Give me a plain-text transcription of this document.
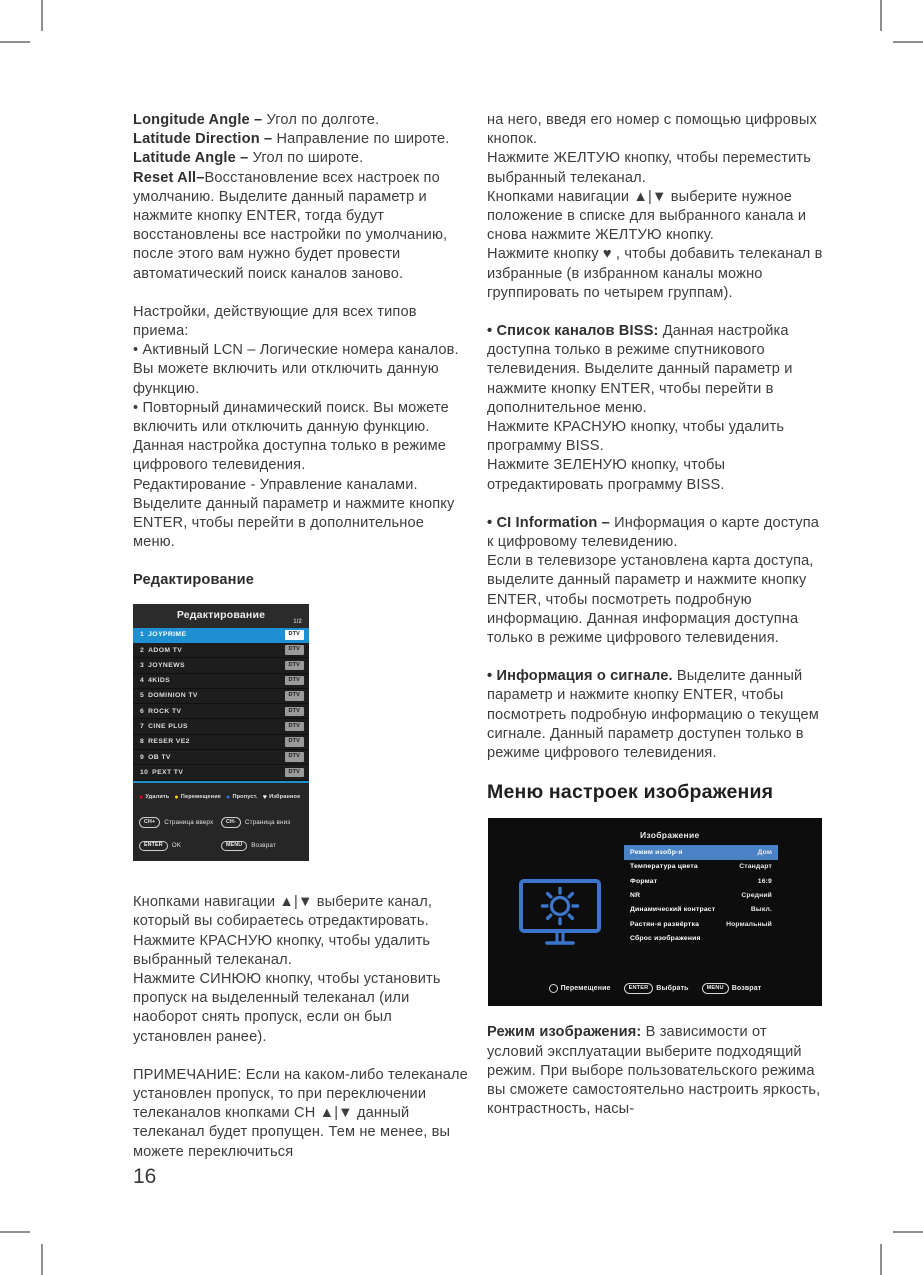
Longitude Angle – Угол по долготе.

Latitude Direction – Направление по широте.

Latitude Angle – Угол по широте.

Reset All–Восстановление всех настроек по умолчанию. Выделите данный параметр и нажмите кнопку ENTER, тогда будут восстановлены все настройки по умолчанию, после этого вам нужно будет провести автоматический поиск каналов заново.

Настройки, действующие для всех типов приема:

• Активный LCN – Логические номера каналов. Вы можете включить или отключить данную функцию.

• Повторный динамический поиск. Вы можете включить или отключить данную функцию. Данная настройка доступна только в режиме цифрового телевидения.

Редактирование - Управление каналами. Выделите данный параметр и нажмите кнопку ENTER, чтобы перейти в дополнительное меню.

Редактирование
Редактирование
1/2
1 JOYPRIME	DTV
2 ADOM TV	DTV
3 JOYNEWS	DTV
4 4KIDS	DTV
5 DOMINION TV	DTV
6 ROCK TV	DTV
7 CINE PLUS	DTV
8 RESER VE2	DTV
9 OB TV	DTV
10 PEXT TV	DTV
● Удалить ● Перемещение ● Пропуст. ♥ Избранное
CH+	Страница вверх	CH-	Страница вниз
ENTER	OK	MENU	Возврат

Кнопками навигации ▲|▼ выберите канал, который вы собираетесь отредактировать.

Нажмите КРАСНУЮ кнопку, чтобы удалить выбранный телеканал.

Нажмите СИНЮЮ кнопку, чтобы установить пропуск на выделенный телеканал (или наоборот снять пропуск, если он был установлен ранее).

ПРИМЕЧАНИЕ: Если на каком-либо телеканале установлен пропуск, то при переключении телеканалов кнопками CH ▲|▼ данный телеканал будет пропущен. Тем не менее, вы можете переключиться

на него, введя его номер с помощью цифровых кнопок.

Нажмите ЖЕЛТУЮ кнопку, чтобы переместить выбранный телеканал.

Кнопками навигации ▲|▼ выберите нужное положение в списке для выбранного канала и снова нажмите ЖЕЛТУЮ кнопку.

Нажмите кнопку ♥ , чтобы добавить телеканал в избранные (в избранном каналы можно группировать по четырем группам).

• Список каналов BISS: Данная настройка доступна только в режиме спутникового телевидения. Выделите данный параметр и нажмите кнопку ENTER, чтобы перейти в дополнительное меню.

Нажмите КРАСНУЮ кнопку, чтобы удалить программу BISS.

Нажмите ЗЕЛЕНУЮ кнопку, чтобы отредактировать программу BISS.

• CI Information – Информация о карте доступа к цифровому телевидению.

Если в телевизоре установлена карта доступа, выделите данный параметр и нажмите кнопку ENTER, чтобы посмотреть подробную информацию. Данная информация доступна только в режиме цифрового телевидения.

• Информация о сигнале. Выделите данный параметр и нажмите кнопку ENTER, чтобы посмотреть подробную информацию о текущем сигнале. Данный параметр доступен только в режиме цифрового телевидения.

Меню настроек изображения
Изображение
Режим изобр-я	Дом
Температура цвета	Стандарт
Формат	16:9
NR	Средний
Динамический контраст	Выкл.
Растян-я развёртка	Нормальный
Сброс изображения
Перемещение	ENTER	Выбрать	MENU	Возврат

Режим изображения: В зависимости от условий эксплуатации выберите подходящий режим. При выборе пользовательского режима вы сможете самостоятельно настроить яркость, контрастность, насы-

16
